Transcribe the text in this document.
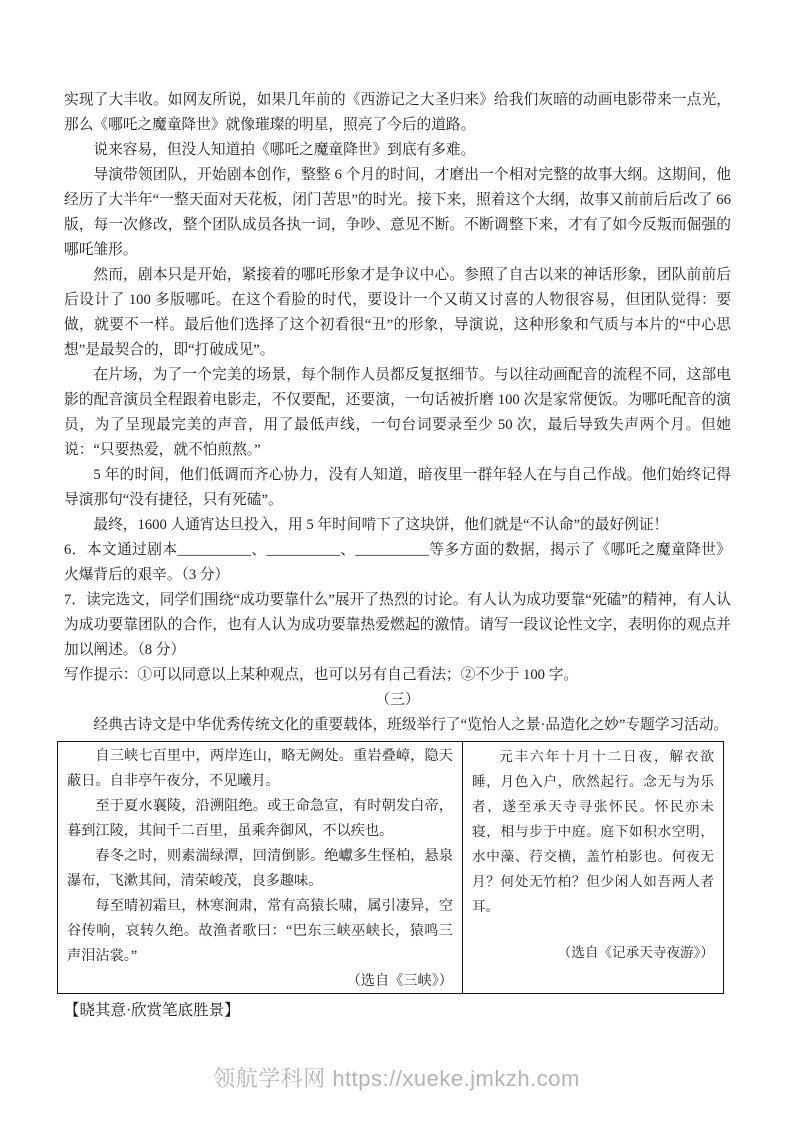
实现了大丰收。如网友所说，如果几年前的《西游记之大圣归来》给我们灰暗的动画电影带来一点光，那么《哪吒之魔童降世》就像璀璨的明星，照亮了今后的道路。

说来容易，但没人知道拍《哪吒之魔童降世》到底有多难。

导演带领团队，开始剧本创作，整整 6 个月的时间，才磨出一个相对完整的故事大纲。这期间，他经历了大半年“一整天面对天花板，闭门苦思”的时光。接下来，照着这个大纲，故事又前前后后改了 66 版，每一次修改，整个团队成员各执一词，争吵、意见不断。不断调整下来，才有了如今反叛而倔强的哪吒雏形。

然而，剧本只是开始，紧接着的哪吒形象才是争议中心。参照了自古以来的神话形象，团队前前后后设计了 100 多版哪吒。在这个看脸的时代，要设计一个又萌又讨喜的人物很容易，但团队觉得：要做，就要不一样。最后他们选择了这个初看很“丑”的形象，导演说，这种形象和气质与本片的“中心思想”是最契合的，即“打破成见”。

在片场，为了一个完美的场景，每个制作人员都反复抠细节。与以往动画配音的流程不同，这部电影的配音演员全程跟着电影走，不仅要配，还要演，一句话被折磨 100 次是家常便饭。为哪吒配音的演员，为了呈现最完美的声音，用了最低声线，一句台词要录至少 50 次，最后导致失声两个月。但她说：“只要热爱，就不怕煎熬。”

5 年的时间，他们低调而齐心协力，没有人知道，暗夜里一群年轻人在与自己作战。他们始终记得导演那句“没有捷径，只有死磕”。

最终，1600 人通宵达旦投入，用 5 年时间啃下了这块饼，他们就是“不认命”的最好例证！

6．本文通过剧本__________、__________、__________等多方面的数据，揭示了《哪吒之魔童降世》火爆背后的艰辛。（3 分）

7．读完选文，同学们围绕“成功要靠什么”展开了热烈的讨论。有人认为成功要靠“死磕”的精神，有人认为成功要靠团队的合作，也有人认为成功要靠热爱燃起的激情。请写一段议论性文字，表明你的观点并加以阐述。（8 分）

写作提示：①可以同意以上某种观点，也可以另有自己看法；②不少于 100 字。

（三）

经典古诗文是中华优秀传统文化的重要载体，班级举行了“览怡人之景·品造化之妙”专题学习活动。

自三峡七百里中，两岸连山，略无阙处。重岩叠嶂，隐天蔽日。自非亭午夜分，不见曦月。

至于夏水襄陵，沿溯阻绝。或王命急宣，有时朝发白帝，暮到江陵，其间千二百里，虽乘奔御风，不以疾也。

春冬之时，则素湍绿潭，回清倒影。绝巘多生怪柏，悬泉瀑布，飞漱其间，清荣峻茂，良多趣味。

每至晴初霜旦，林寒涧肃，常有高猿长啸，属引凄异，空谷传响，哀转久绝。故渔者歌曰：“巴东三峡巫峡长，猿鸣三声泪沾裳。”

（选自《三峡》）

元丰六年十月十二日夜，解衣欲睡，月色入户，欣然起行。念无与为乐者，遂至承天寺寻张怀民。怀民亦未寝，相与步于中庭。庭下如积水空明，水中藻、荇交横，盖竹柏影也。何夜无月？何处无竹柏？但少闲人如吾两人者耳。

（选自《记承天寺夜游》）

【晓其意·欣赏笔底胜景】

领航学科网 https://xueke.jmkzh.com
